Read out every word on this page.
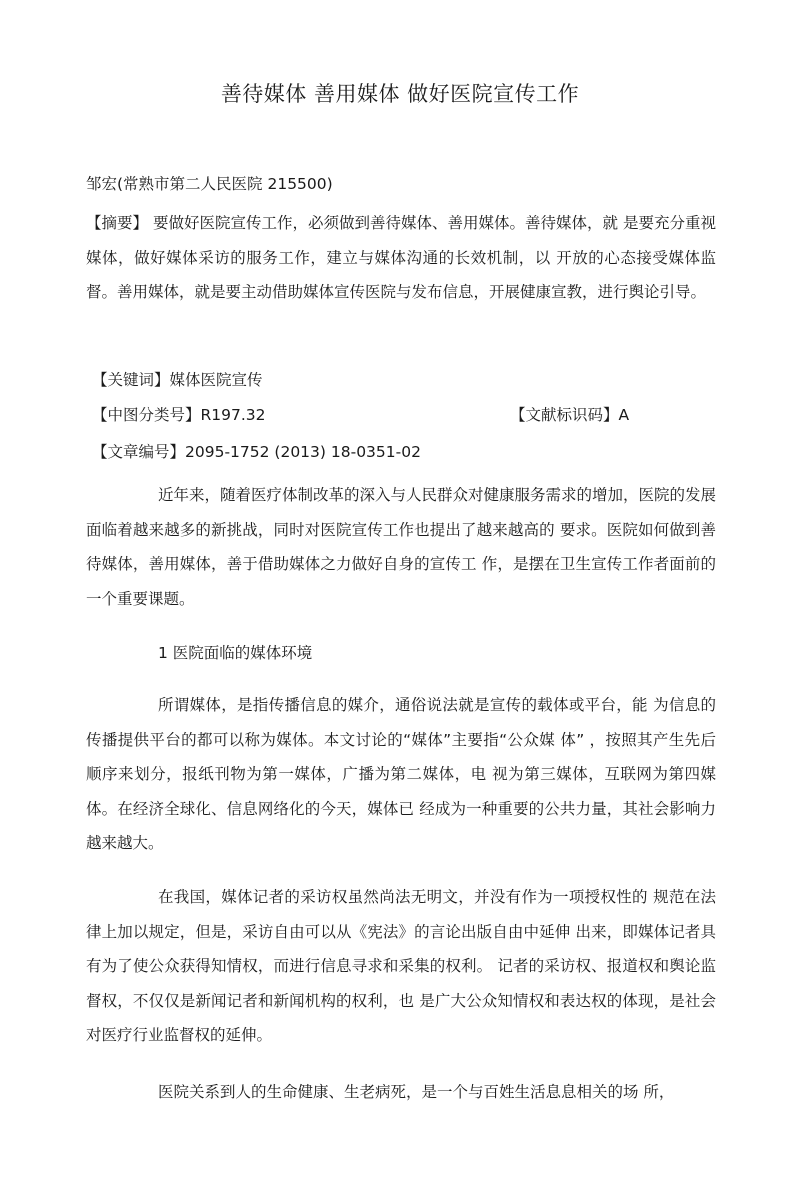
善待媒体 善用媒体 做好医院宣传工作
邹宏(常熟市第二人民医院 215500)
【摘要】 要做好医院宣传工作，必须做到善待媒体、善用媒体。善待媒体，就 是要充分重视媒体，做好媒体采访的服务工作，建立与媒体沟通的长效机制，以 开放的心态接受媒体监督。善用媒体，就是要主动借助媒体宣传医院与发布信息，开展健康宣教，进行舆论引导。
【关键词】媒体医院宣传
【中图分类号】R197.32	【文献标识码】A
【文章编号】2095-1752 (2013) 18-0351-02
近年来，随着医疗体制改革的深入与人民群众对健康服务需求的增加，医院的发展面临着越来越多的新挑战，同时对医院宣传工作也提出了越来越高的 要求。医院如何做到善待媒体，善用媒体，善于借助媒体之力做好自身的宣传工 作，是摆在卫生宣传工作者面前的一个重要课题。
1 医院面临的媒体环境
所谓媒体，是指传播信息的媒介，通俗说法就是宣传的载体或平台，能 为信息的传播提供平台的都可以称为媒体。本文讨论的“媒体”主要指“公众媒 体” ，按照其产生先后顺序来划分，报纸刊物为第一媒体，广播为第二媒体，电 视为第三媒体，互联网为第四媒体。在经济全球化、信息网络化的今天，媒体已 经成为一种重要的公共力量，其社会影响力越来越大。
在我国，媒体记者的采访权虽然尚法无明文，并没有作为一项授权性的 规范在法律上加以规定，但是，采访自由可以从《宪法》的言论出版自由中延伸 出来，即媒体记者具有为了使公众获得知情权，而进行信息寻求和采集的权利。 记者的采访权、报道权和舆论监督权，不仅仅是新闻记者和新闻机构的权利，也 是广大公众知情权和表达权的体现，是社会对医疗行业监督权的延伸。
医院关系到人的生命健康、生老病死，是一个与百姓生活息息相关的场 所，
